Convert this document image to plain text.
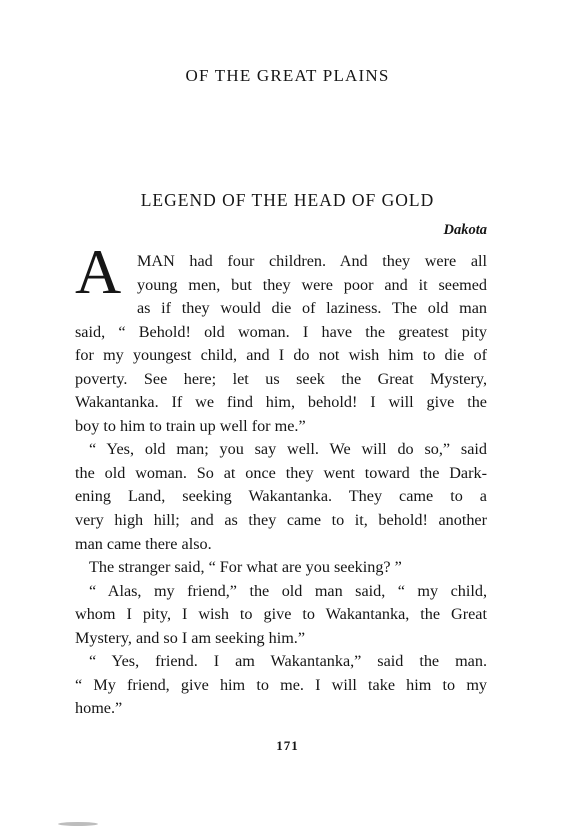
OF THE GREAT PLAINS
LEGEND OF THE HEAD OF GOLD
Dakota
A MAN had four children. And they were all
young men, but they were poor and it seemed
as if they would die of laziness. The old man
said, “ Behold! old woman. I have the greatest pity
for my youngest child, and I do not wish him to die of
poverty. See here; let us seek the Great Mystery,
Wakantanka. If we find him, behold! I will give the
boy to him to train up well for me.”
“ Yes, old man; you say well. We will do so,” said
the old woman. So at once they went toward the Dark-
ening Land, seeking Wakantanka. They came to a
very high hill; and as they came to it, behold! another
man came there also.
The stranger said, “ For what are you seeking? ”
“ Alas, my friend,” the old man said, “ my child,
whom I pity, I wish to give to Wakantanka, the Great
Mystery, and so I am seeking him.”
“ Yes, friend. I am Wakantanka,” said the man.
“ My friend, give him to me. I will take him to my
home.”
171
